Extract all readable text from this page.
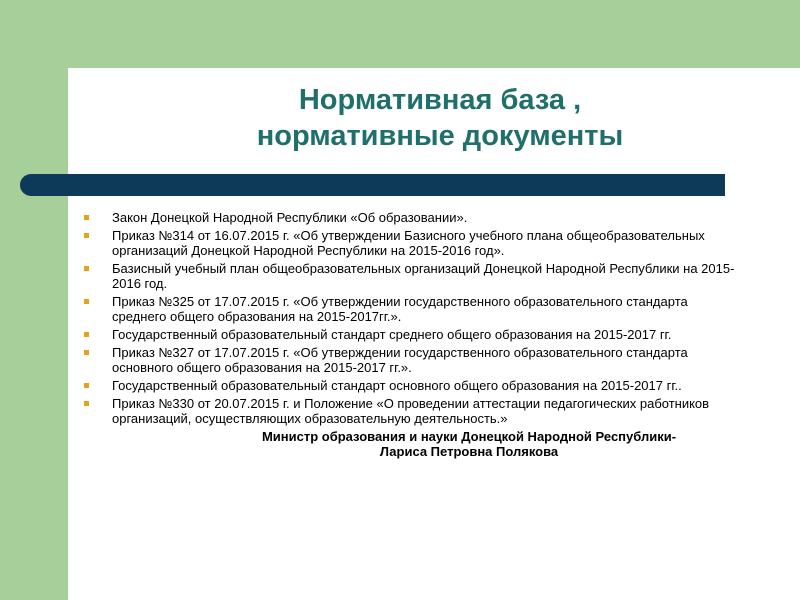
Нормативная база ,
нормативные документы
Закон Донецкой Народной Республики «Об образовании».
Приказ №314 от 16.07.2015 г. «Об утверждении Базисного учебного плана общеобразовательных организаций Донецкой Народной Республики на 2015-2016 год».
Базисный учебный план общеобразовательных организаций Донецкой Народной Республики на 2015-2016 год.
Приказ №325 от 17.07.2015 г. «Об утверждении государственного образовательного стандарта среднего общего образования на 2015-2017гг.».
Государственный образовательный стандарт среднего общего образования на 2015-2017 гг.
Приказ №327 от 17.07.2015 г. «Об утверждении государственного образовательного стандарта основного общего образования на 2015-2017 гг.».
Государственный образовательный стандарт основного общего образования на 2015-2017 гг..
Приказ №330 от 20.07.2015 г. и Положение «О проведении аттестации педагогических работников организаций, осуществляющих образовательную деятельность.»
Министр образования и науки Донецкой Народной Республики-
Лариса Петровна Полякова
